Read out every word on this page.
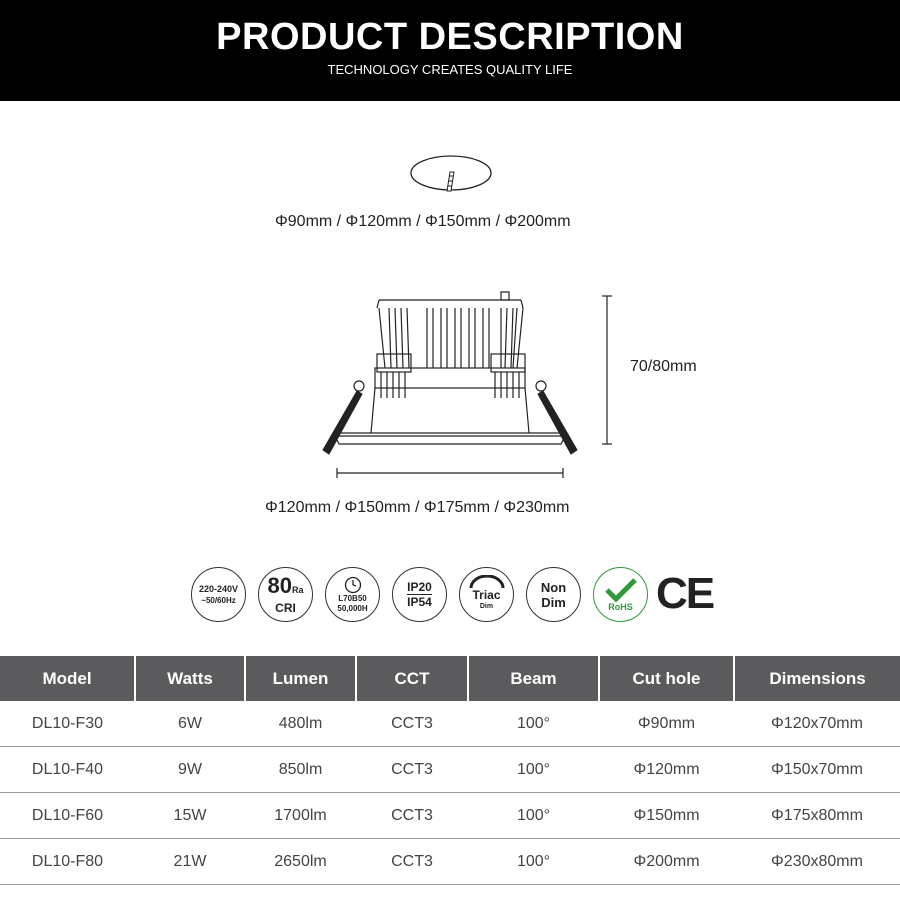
PRODUCT DESCRIPTION
TECHNOLOGY CREATES QUALITY LIFE
Φ90mm / Φ120mm / Φ150mm / Φ200mm
70/80mm
Φ120mm / Φ150mm / Φ175mm / Φ230mm
220-240V
~50/60Hz
80Ra
CRI
L70B50
50,000H
IP20
IP54	Triac
Dim
Non
Dim	RoHS CE
Model	Watts	Lumen	CCT	Beam	Cut hole	Dimensions
DL10-F30	6W	480lm	CCT3	100°	Φ90mm	Φ120x70mm
DL10-F40	9W	850lm	CCT3	100°	Φ120mm	Φ150x70mm
DL10-F60	15W	1700lm	CCT3	100°	Φ150mm	Φ175x80mm
DL10-F80	21W	2650lm	CCT3	100°	Φ200mm	Φ230x80mm
